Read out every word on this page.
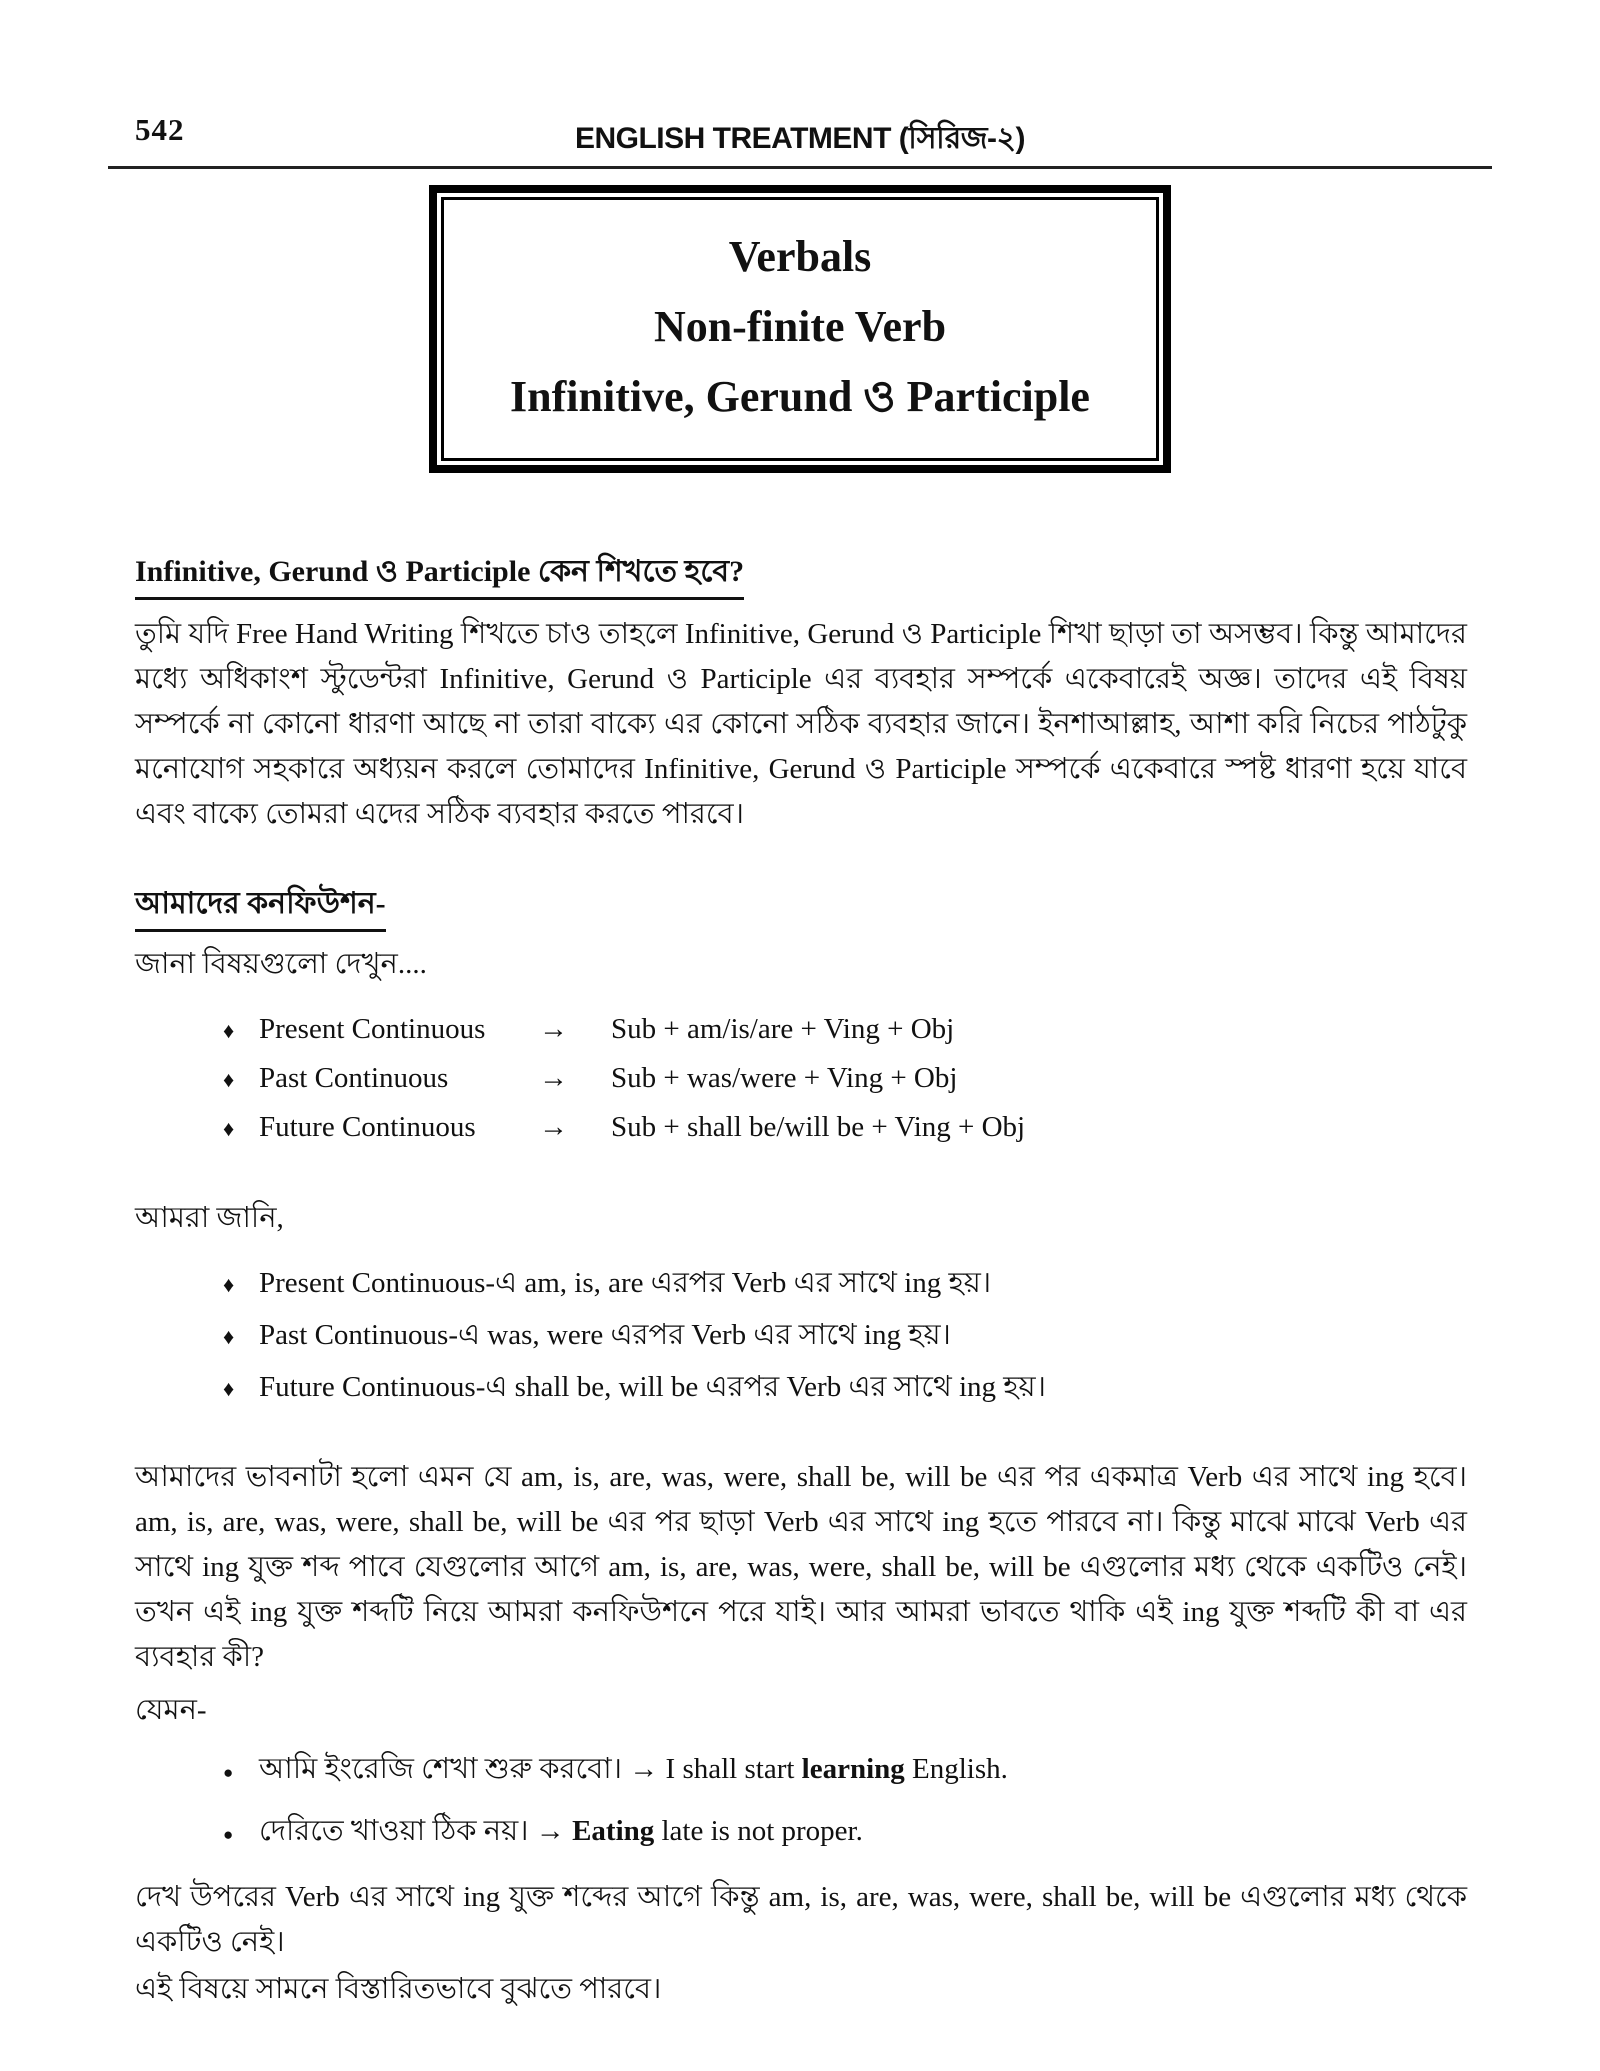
542	ENGLISH TREATMENT (সিরিজ-২)
Verbals
Non-finite Verb
Infinitive, Gerund ও Participle
Infinitive, Gerund ও Participle কেন শিখতে হবে?
তুমি যদি Free Hand Writing শিখতে চাও তাহলে Infinitive, Gerund ও Participle শিখা ছাড়া তা অসম্ভব। কিন্তু আমাদের মধ্যে অধিকাংশ স্টুডেন্টরা Infinitive, Gerund ও Participle এর ব্যবহার সম্পর্কে একেবারেই অজ্ঞ। তাদের এই বিষয় সম্পর্কে না কোনো ধারণা আছে না তারা বাক্যে এর কোনো সঠিক ব্যবহার জানে। ইনশাআল্লাহ, আশা করি নিচের পাঠটুকু মনোযোগ সহকারে অধ্যয়ন করলে তোমাদের Infinitive, Gerund ও Participle সম্পর্কে একেবারে স্পষ্ট ধারণা হয়ে যাবে এবং বাক্যে তোমরা এদের সঠিক ব্যবহার করতে পারবে।
আমাদের কনফিউশন-
জানা বিষয়গুলো দেখুন....
♦ Present Continuous	→	Sub + am/is/are + Ving + Obj
♦ Past Continuous	→	Sub + was/were + Ving + Obj
♦ Future Continuous	→	Sub + shall be/will be + Ving + Obj
আমরা জানি,
♦ Present Continuous-এ am, is, are এরপর Verb এর সাথে ing হয়।
♦ Past Continuous-এ was, were এরপর Verb এর সাথে ing হয়।
♦ Future Continuous-এ shall be, will be এরপর Verb এর সাথে ing হয়।
আমাদের ভাবনাটা হলো এমন যে am, is, are, was, were, shall be, will be এর পর একমাত্র Verb এর সাথে ing হবে। am, is, are, was, were, shall be, will be এর পর ছাড়া Verb এর সাথে ing হতে পারবে না। কিন্তু মাঝে মাঝে Verb এর সাথে ing যুক্ত শব্দ পাবে যেগুলোর আগে am, is, are, was, were, shall be, will be এগুলোর মধ্য থেকে একটিও নেই। তখন এই ing যুক্ত শব্দটি নিয়ে আমরা কনফিউশনে পরে যাই। আর আমরা ভাবতে থাকি এই ing যুক্ত শব্দটি কী বা এর ব্যবহার কী?
যেমন-
● আমি ইংরেজি শেখা শুরু করবো। → I shall start learning English.
● দেরিতে খাওয়া ঠিক নয়। → Eating late is not proper.
দেখ উপরের Verb এর সাথে ing যুক্ত শব্দের আগে কিন্তু am, is, are, was, were, shall be, will be এগুলোর মধ্য থেকে একটিও নেই।
এই বিষয়ে সামনে বিস্তারিতভাবে বুঝতে পারবে।
